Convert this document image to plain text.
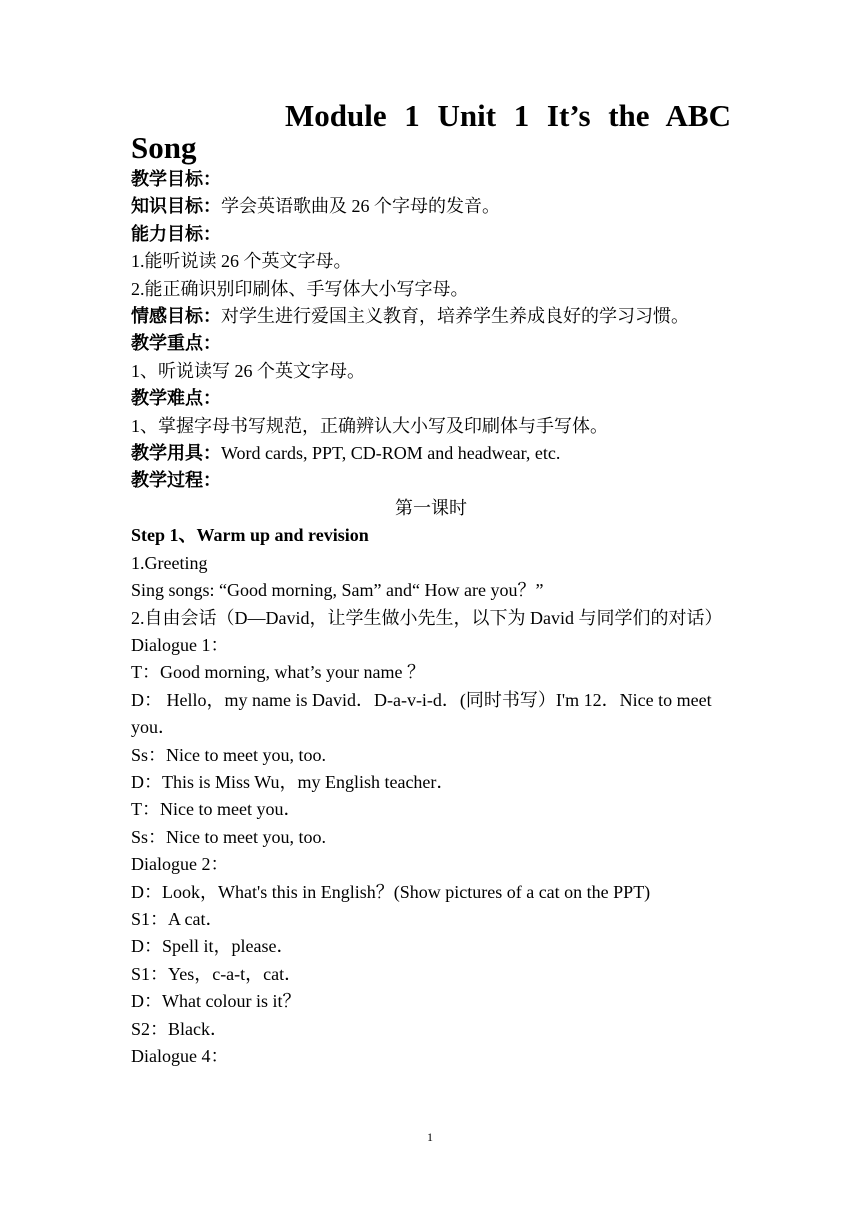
Module 1 Unit 1 It’s the ABC

Song

教学目标：

知识目标：学会英语歌曲及 26 个字母的发音。

能力目标：

1.能听说读 26 个英文字母。

2.能正确识别印刷体、手写体大小写字母。

情感目标：对学生进行爱国主义教育，培养学生养成良好的学习习惯。

教学重点：

1、听说读写 26 个英文字母。

教学难点：

1、掌握字母书写规范，正确辨认大小写及印刷体与手写体。

教学用具：Word cards, PPT, CD-ROM and headwear, etc.

教学过程：

第一课时

Step 1、Warm up and revision

1.Greeting

Sing songs: “Good morning, Sam” and“ How are you？”

2.自由会话（D—David，让学生做小先生，以下为 David 与同学们的对话）

Dialogue 1：

T：Good morning, what’s your name ？

D： Hello，my name is David．D-a-v-i-d．(同时书写）I'm 12．Nice to meet you．

Ss：Nice to meet you, too.

D：This is Miss Wu，my English teacher．

T：Nice to meet you．

Ss：Nice to meet you, too.

Dialogue 2：

D：Look，What's this in English？(Show pictures of a cat on the PPT)

S1：A cat．

D：Spell it，please．

S1：Yes，c-a-t，cat．

D：What colour is it？

S2：Black．

Dialogue 4：

1
